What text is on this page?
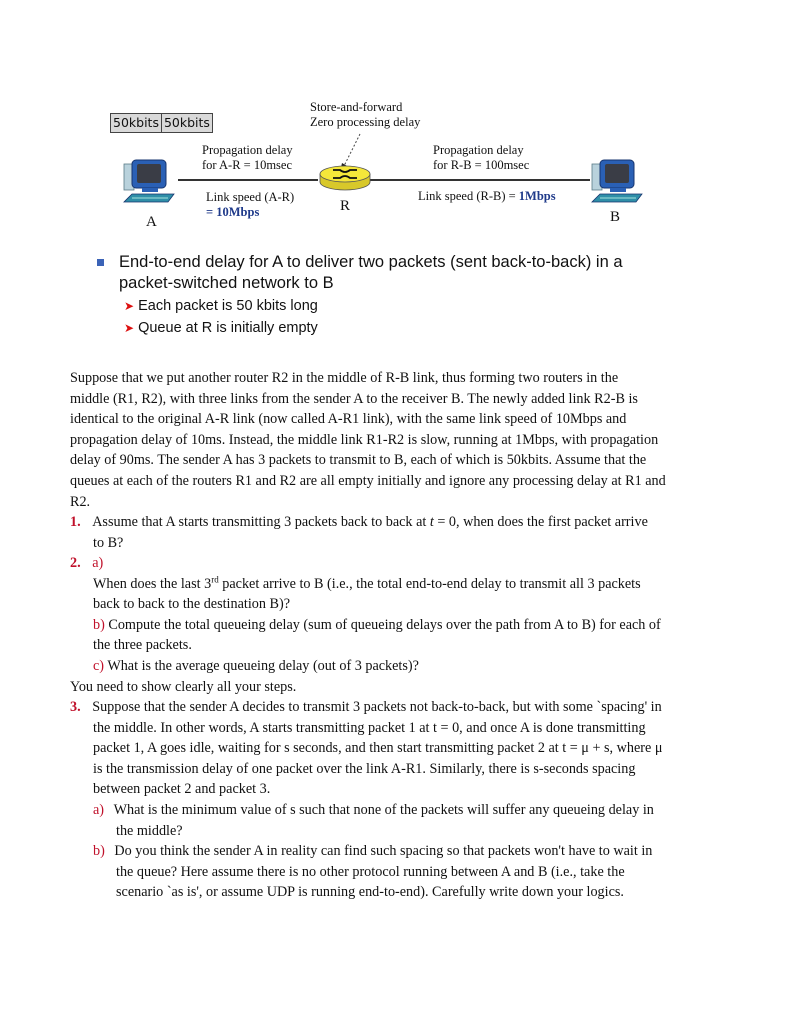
50kbits 50kbits
Store-and-forward
Zero processing delay
Propagation delay
for A-R = 10msec
Link speed (A-R)
= 10Mbps
Propagation delay
for R-B = 100msec
Link speed (R-B) = 1Mbps
A
R
B
End-to-end delay for A to deliver two packets (sent back-to-back) in a
packet-switched network to B
➤ Each packet is 50 kbits long
➤ Queue at R is initially empty
Suppose that we put another router R2 in the middle of R-B link, thus forming two routers in the
middle (R1, R2), with three links from the sender A to the receiver B. The newly added link R2-B is
identical to the original A-R link (now called A-R1 link), with the same link speed of 10Mbps and
propagation delay of 10ms. Instead, the middle link R1-R2 is slow, running at 1Mbps, with propagation
delay of 90ms. The sender A has 3 packets to transmit to B, each of which is 50kbits. Assume that the
queues at each of the routers R1 and R2 are all empty initially and ignore any processing delay at R1 and
R2.
1. Assume that A starts transmitting 3 packets back to back at t = 0, when does the first packet arrive
to B?
2. a)
When does the last 3rd packet arrive to B (i.e., the total end-to-end delay to transmit all 3 packets
back to back to the destination B)?
b) Compute the total queueing delay (sum of queueing delays over the path from A to B) for each of
the three packets.
c) What is the average queueing delay (out of 3 packets)?
You need to show clearly all your steps.
3. Suppose that the sender A decides to transmit 3 packets not back-to-back, but with some `spacing' in
the middle. In other words, A starts transmitting packet 1 at t = 0, and once A is done transmitting
packet 1, A goes idle, waiting for s seconds, and then start transmitting packet 2 at t = μ + s, where μ
is the transmission delay of one packet over the link A-R1. Similarly, there is s-seconds spacing
between packet 2 and packet 3.
a) What is the minimum value of s such that none of the packets will suffer any queueing delay in
the middle?
b) Do you think the sender A in reality can find such spacing so that packets won't have to wait in
the queue? Here assume there is no other protocol running between A and B (i.e., take the
scenario `as is', or assume UDP is running end-to-end). Carefully write down your logics.
